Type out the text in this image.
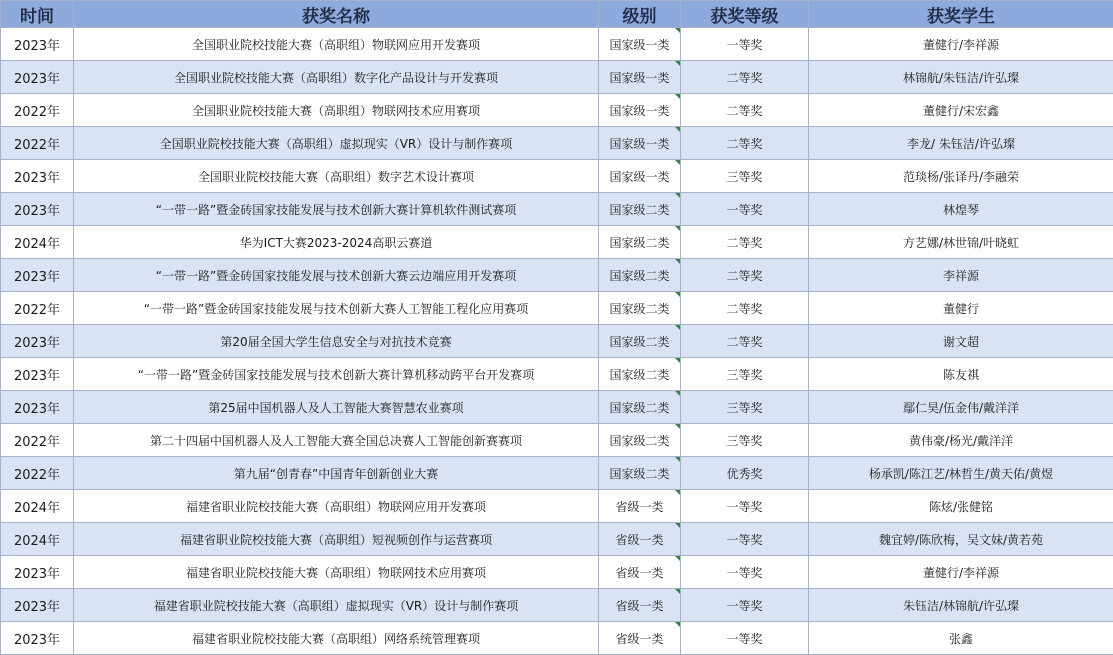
时间	获奖名称	级别	获奖等级	获奖学生
2023年	全国职业院校技能大赛（高职组）物联网应用开发赛项	国家级一类	一等奖	董健行/李祥源
2023年	全国职业院校技能大赛（高职组）数字化产品设计与开发赛项	国家级一类	二等奖	林锦航/朱钰洁/许弘璨
2022年	全国职业院校技能大赛（高职组）物联网技术应用赛项	国家级一类	二等奖	董健行/宋宏鑫
2022年	全国职业院校技能大赛（高职组）虚拟现实（VR）设计与制作赛项	国家级一类	二等奖	李龙/ 朱钰洁/许弘璨
2023年	全国职业院校技能大赛（高职组）数字艺术设计赛项	国家级一类	三等奖	范琰杨/张译丹/李融荣
2023年	“一带一路”暨金砖国家技能发展与技术创新大赛计算机软件测试赛项	国家级二类	一等奖	林煌琴
2024年	华为ICT大赛2023-2024高职云赛道	国家级二类	二等奖	方艺娜/林世锦/叶晓虹
2023年	“一带一路”暨金砖国家技能发展与技术创新大赛云边端应用开发赛项	国家级二类	二等奖	李祥源
2022年	“一带一路”暨金砖国家技能发展与技术创新大赛人工智能工程化应用赛项	国家级二类	二等奖	董健行
2023年	第20届全国大学生信息安全与对抗技术竞赛	国家级二类	二等奖	谢文超
2023年	“一带一路”暨金砖国家技能发展与技术创新大赛计算机移动跨平台开发赛项	国家级二类	三等奖	陈友祺
2023年	第25届中国机器人及人工智能大赛智慧农业赛项	国家级二类	三等奖	鄢仁昊/伍金伟/戴洋洋
2022年	第二十四届中国机器人及人工智能大赛全国总决赛人工智能创新赛赛项	国家级二类	三等奖	黄伟豪/杨光/戴洋洋
2022年	第九届“创青春”中国青年创新创业大赛	国家级二类	优秀奖	杨承凯/陈江艺/林哲生/黄天佑/黄煜
2024年	福建省职业院校技能大赛（高职组）物联网应用开发赛项	省级一类	一等奖	陈炫/张健铭
2024年	福建省职业院校技能大赛（高职组）短视频创作与运营赛项	省级一类	一等奖	魏宜婷/陈欣梅，吴文妹/黄若苑
2023年	福建省职业院校技能大赛（高职组）物联网技术应用赛项	省级一类	一等奖	董健行/李祥源
2023年	福建省职业院校技能大赛（高职组）虚拟现实（VR）设计与制作赛项	省级一类	一等奖	朱钰洁/林锦航/许弘璨
2023年	福建省职业院校技能大赛（高职组）网络系统管理赛项	省级一类	一等奖	张鑫
